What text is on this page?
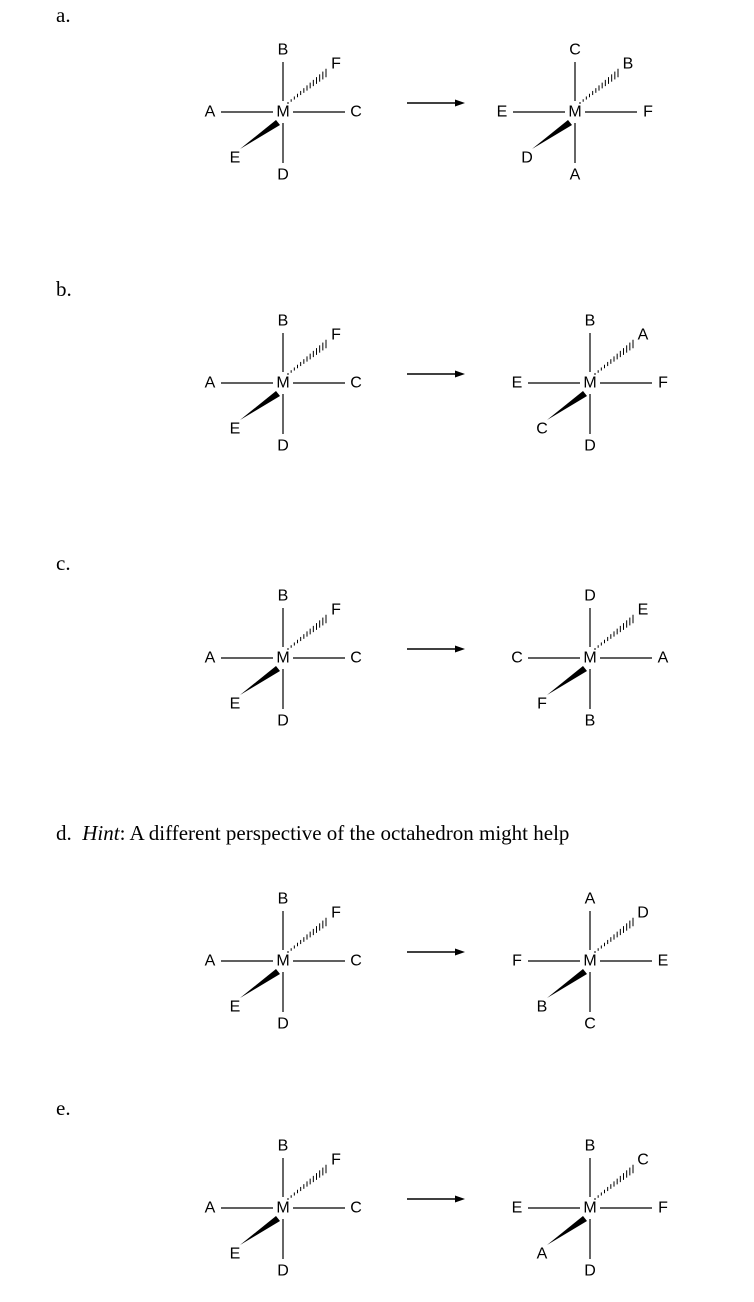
a.
b.
c.
d. Hint: A different perspective of the octahedron might help
e.
M
B
D
A	C
F
E
M
C
A
E	F
B
D
M
B
D
A	C
F
E
M
B
D
E	F
A
C
M
B
D
A	C
F
E
M
D
B
C	A
E
F
M
B
D
A	C
F
E
M
A
C
F	E
D
B
M
B
D
A	C
F
E
M
B
D
E	F
C
A
